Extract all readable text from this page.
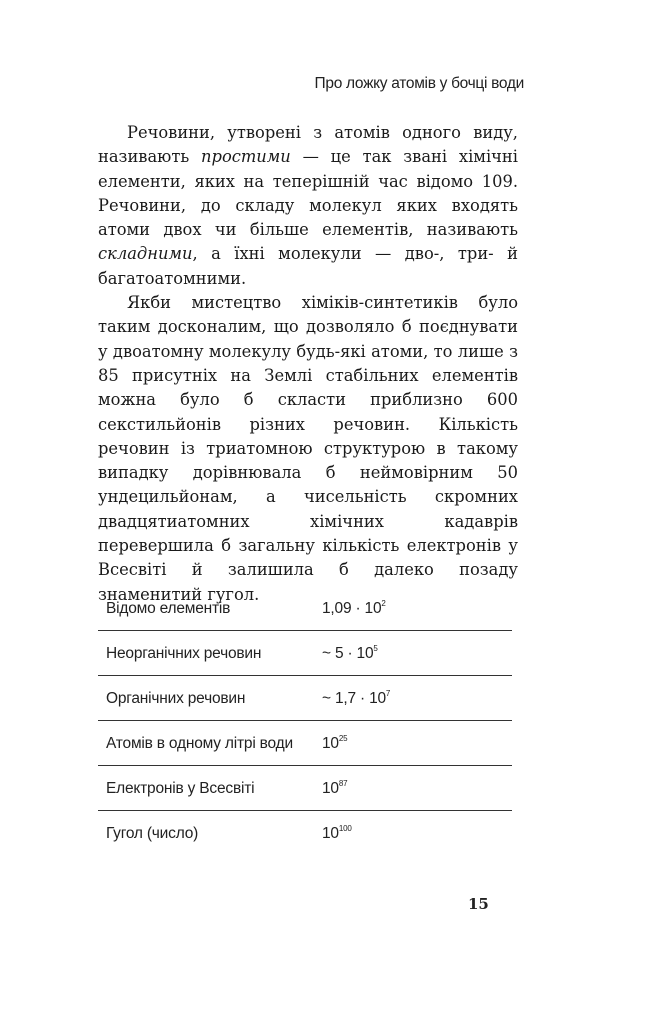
Про ложку атомів у бочці води

Речовини, утворені з атомів одного виду, називають простими — це так звані хімічні елементи, яких на теперішній час відомо 109. Речовини, до складу молекул яких входять атоми двох чи більше елементів, називають складними, а їхні молекули — дво-, три- й багатоатомними.

Якби мистецтво хіміків-синтетиків було таким досконалим, що дозволяло б поєднувати у двоатомну молекулу будь-які атоми, то лише з 85 присутніх на Землі стабільних елементів можна було б скласти приблизно 600 секстильйонів різних речовин. Кількість речовин із триатомною структурою в такому випадку дорівнювала б неймовірним 50 ундецильйонам, а чисельність скромних двадцятиатомних хімічних кадаврів перевершила б загальну кількість електронів у Всесвіті й залишила б далеко позаду знаменитий гугол.

Відомо елементів	$1,09 \cdot 10^2$
Неорганічних речовин	~ $5 \cdot 10^5$
Органічних речовин	~ $1,7 \cdot 10^7$
Атомів в одному літрі води $10^{25}$
Електронів у Всесвіті	$10^{87}$
Гугол (число)	$10^{100}$
15
